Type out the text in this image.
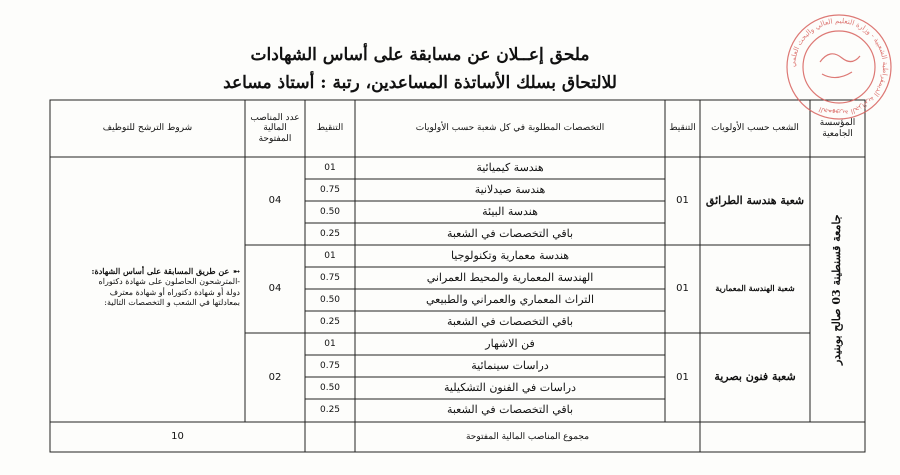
ملحق إعــلان عن مسابقة على أساس الشهادات
للالتحاق بسلك الأساتذة المساعدين، رتبة : أستاذ مساعد
المؤسسة الجامعية
الشعب حسب الأولويات
التنقيط
التخصصات المطلوبة في كل شعبة حسب الأولويات
التنقيط
عدد المناصب المالية المفتوحة
شروط الترشح للتوظيف
جامعة قسنطينة 03 صالح بوبنيدر
شعبة هندسة الطرائق
01
04
هندسة كيميائية
01
هندسة صيدلانية
0.75
هندسة البيئة
0.50
باقي التخصصات في الشعبة
0.25
شعبة الهندسة المعمارية
01
04
هندسة معمارية وتكنولوجيا
01
الهندسة المعمارية والمحيط العمراني
0.75
التراث المعماري والعمراني والطبيعي
0.50
باقي التخصصات في الشعبة
0.25
شعبة فنون بصرية
01
02
فن الاشهار
01
دراسات سينمائية
0.75
دراسات في الفنون التشكيلية
0.50
باقي التخصصات في الشعبة
0.25
➸
عن طريق المسابقة على أساس الشهادة:
-المترشحون الحاصلون على شهادة دكتوراه دولة أو شهادة دكتوراه أو شهادة معترف بمعادلتها في الشعب و التخصصات التالية:
مجموع المناصب المالية المفتوحة
10
الجمهورية الجزائرية الديمقراطية الشعبية - وزارة التعليم العالي والبحث العلمي
